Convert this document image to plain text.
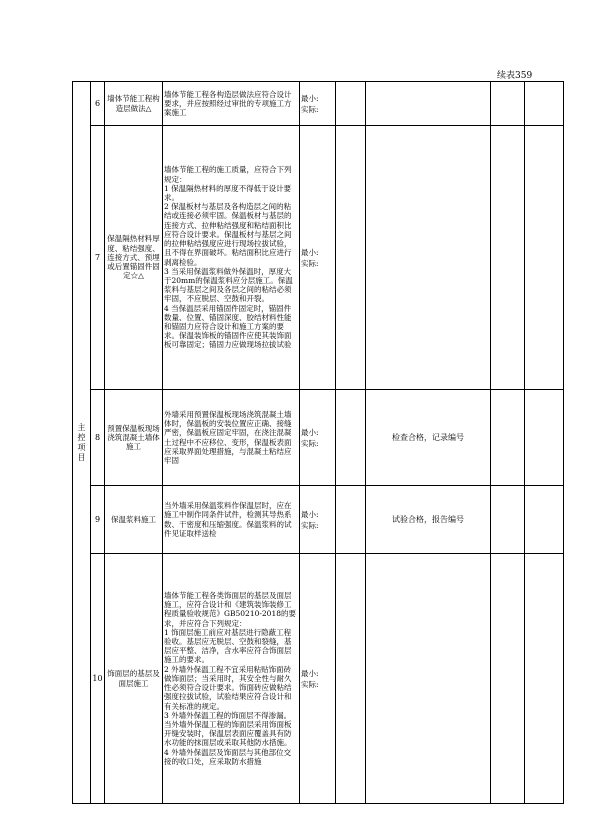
续表359
主控项目	6	墙体节能工程构造层做法△	墙体节能工程各构造层做法应符合设计要求，并应按照经过审批的专项施工方案施工	最小:
实际:				

	7	保温隔热材料厚度、粘结强度、连接方式、预埋或后置锚固件固定☆△	墙体节能工程的施工质量，应符合下列规定：
1 保温隔热材料的厚度不得低于设计要求。
2 保温板材与基层及各构造层之间的粘结或连接必须牢固。保温板材与基层的连接方式、拉伸粘结强度和粘结面积比应符合设计要求。保温板材与基层之间的拉伸粘结强度应进行现场拉拔试验，且不得在界面破坏。粘结面积比应进行剥离检验。
3 当采用保温浆料做外保温时，厚度大于20mm的保温浆料应分层施工。保温浆料与基层之间及各层之间的粘结必须牢固，不应脱层、空鼓和开裂。
4 当保温层采用锚固件固定时，锚固件数量、位置、锚固深度、胶结材料性能和锚固力应符合设计和施工方案的要求。保温装饰板的锚固件应使其装饰面板可靠固定；锚固力应做现场拉拔试验	最小:
实际:				

	8	预置保温板现场浇筑混凝土墙体施工	外墙采用预置保温板现场浇筑混凝土墙体时，保温板的安装位置应正确、接缝严密，保温板应固定牢固，在浇注混凝土过程中不应移位、变形，保温板表面应采取界面处理措施，与混凝土粘结应牢固	最小:
实际:		检查合格，记录编号		
	9	保温浆料施工	当外墙采用保温浆料作保温层时，应在施工中制作同条件试件，检测其导热系数、干密度和压缩强度。保温浆料的试件见证取样送检	最小:
实际:		试验合格，报告编号		
	10	饰面层的基层及面层施工	墙体节能工程各类饰面层的基层及面层施工，应符合设计和《建筑装饰装修工程质量验收规范》GB50210-2018的要求，并应符合下列规定：
1 饰面层施工前应对基层进行隐蔽工程验收。基层应无脱层、空鼓和裂缝，基层应平整、洁净，含水率应符合饰面层施工的要求。
2 外墙外保温工程不宜采用粘贴饰面砖做饰面层；当采用时，其安全性与耐久性必须符合设计要求。饰面砖应做粘结强度拉拔试验，试验结果应符合设计和有关标准的规定。
3 外墙外保温工程的饰面层不得渗漏。当外墙外保温工程的饰面层采用饰面板开缝安装时，保温层表面应覆盖具有防水功能的抹面层或采取其他防水措施。
4 外墙外保温层及饰面层与其他部位交接的收口处，应采取防水措施	最小:
实际:				
